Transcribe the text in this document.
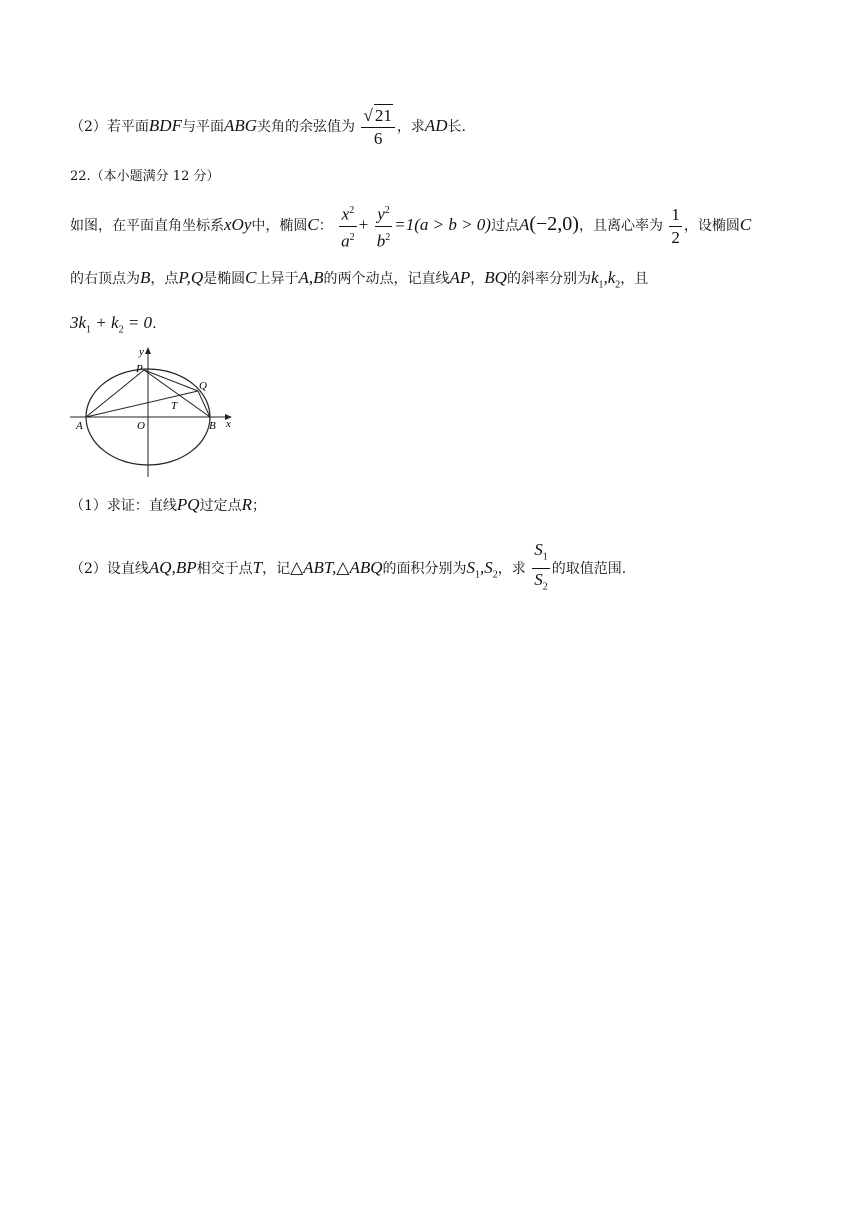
（2）若平面BDF与平面ABG夹角的余弦值为 $\frac{√ 21}{6}$ ，求AD长.
22.（本小题满分 12 分）
如图，在平面直角坐标系xOy中，椭圆C： $\frac{x^2}{a^2} + \frac{y^2}{b^2} =1(a > b > 0)$过点A(−2,0)，且离心率为 $\frac{1}{2}$ ，设椭圆C
的右顶点为B，点P,Q是椭圆C上异于A,B的两个动点，记直线AP，BQ的斜率分别为$k_1,k_2$，且
$3k_1 + k_2 = 0$.
y
x
P
Q
T
A	O	B
（1）求证：直线PQ过定点R；
（2）设直线AQ,BP相交于点T，记△ABT,△ABQ的面积分别为$S_1,S_2$，求 $\frac{S_1}{S_2}$ 的取值范围.
